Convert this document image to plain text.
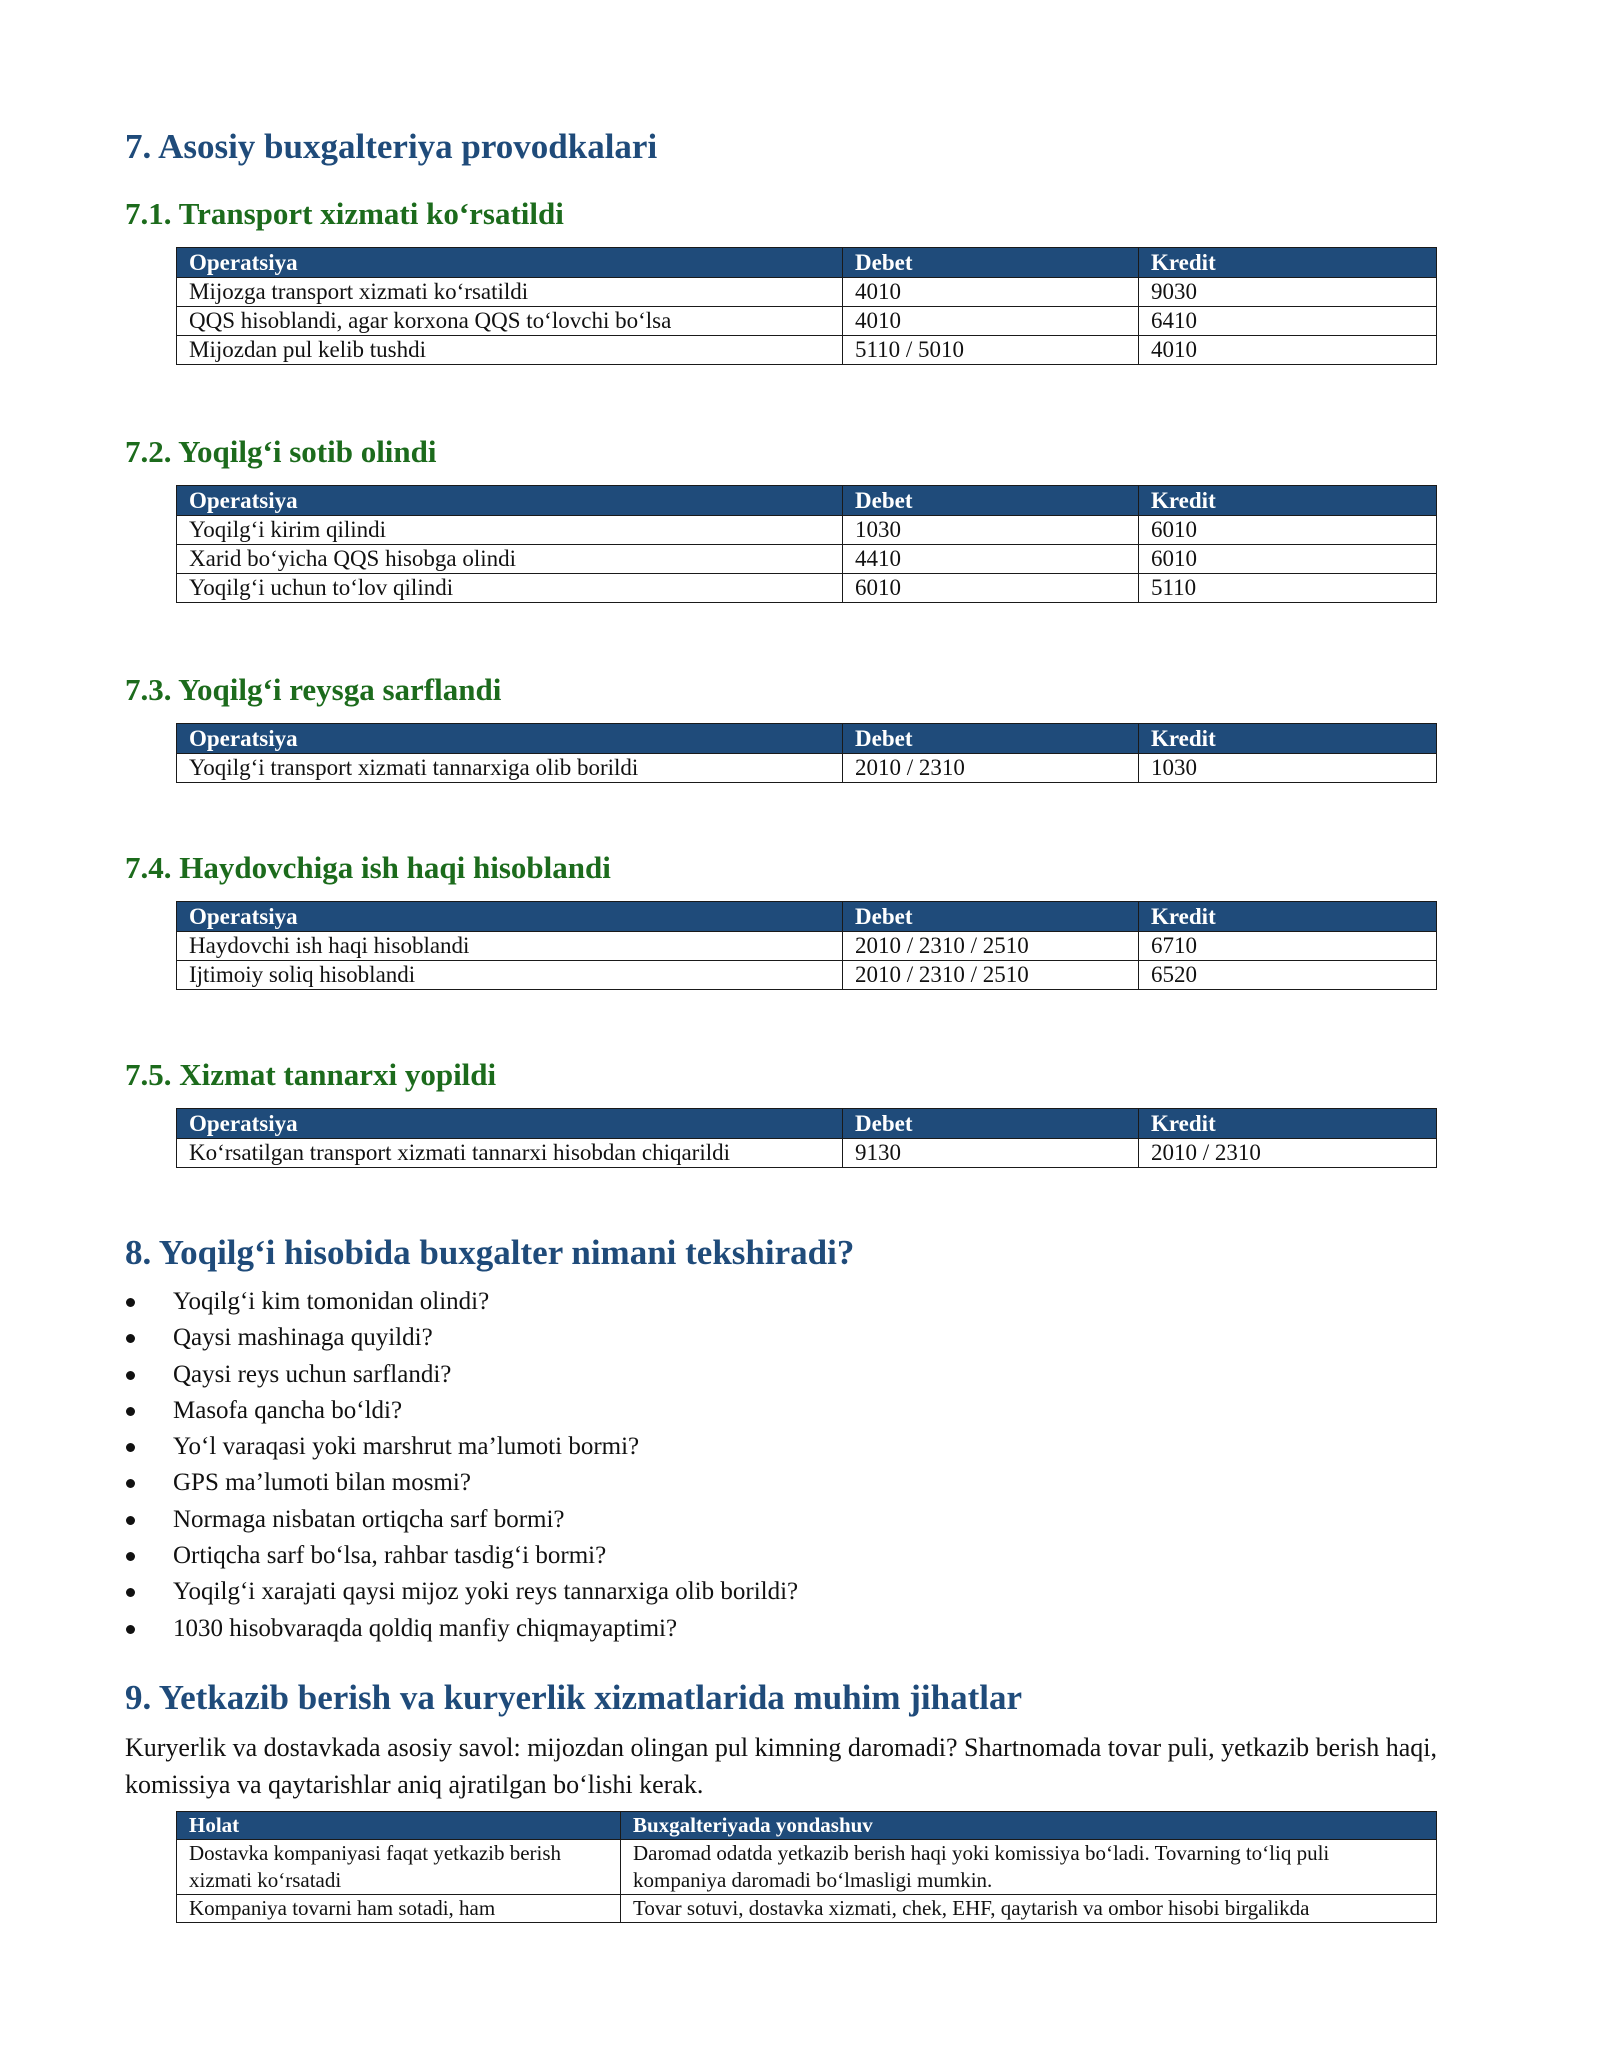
7. Asosiy buxgalteriya provodkalari
7.1. Transport xizmati ko‘rsatildi
Operatsiya	Debet	Kredit
Mijozga transport xizmati ko‘rsatildi	4010	9030
QQS hisoblandi, agar korxona QQS to‘lovchi bo‘lsa	4010	6410
Mijozdan pul kelib tushdi	5110 / 5010	4010
7.2. Yoqilg‘i sotib olindi
Operatsiya	Debet	Kredit
Yoqilg‘i kirim qilindi	1030	6010
Xarid bo‘yicha QQS hisobga olindi	4410	6010
Yoqilg‘i uchun to‘lov qilindi	6010	5110
7.3. Yoqilg‘i reysga sarflandi
Operatsiya	Debet	Kredit
Yoqilg‘i transport xizmati tannarxiga olib borildi	2010 / 2310	1030
7.4. Haydovchiga ish haqi hisoblandi
Operatsiya	Debet	Kredit
Haydovchi ish haqi hisoblandi	2010 / 2310 / 2510	6710
Ijtimoiy soliq hisoblandi	2010 / 2310 / 2510	6520
7.5. Xizmat tannarxi yopildi
Operatsiya	Debet	Kredit
Ko‘rsatilgan transport xizmati tannarxi hisobdan chiqarildi	9130	2010 / 2310
8. Yoqilg‘i hisobida buxgalter nimani tekshiradi?
Yoqilg‘i kim tomonidan olindi?
Qaysi mashinaga quyildi?
Qaysi reys uchun sarflandi?
Masofa qancha bo‘ldi?
Yo‘l varaqasi yoki marshrut ma’lumoti bormi?
GPS ma’lumoti bilan mosmi?
Normaga nisbatan ortiqcha sarf bormi?
Ortiqcha sarf bo‘lsa, rahbar tasdig‘i bormi?
Yoqilg‘i xarajati qaysi mijoz yoki reys tannarxiga olib borildi?
1030 hisobvaraqda qoldiq manfiy chiqmayaptimi?
9. Yetkazib berish va kuryerlik xizmatlarida muhim jihatlar

Kuryerlik va dostavkada asosiy savol: mijozdan olingan pul kimning daromadi? Shartnomada tovar puli, yetkazib berish haqi, komissiya va qaytarishlar aniq ajratilgan bo‘lishi kerak.

Holat	Buxgalteriyada yondashuv
Dostavka kompaniyasi faqat yetkazib berish xizmati ko‘rsatadi	Daromad odatda yetkazib berish haqi yoki komissiya bo‘ladi. Tovarning to‘liq puli kompaniya daromadi bo‘lmasligi mumkin.
Kompaniya tovarni ham sotadi, ham	Tovar sotuvi, dostavka xizmati, chek, EHF, qaytarish va ombor hisobi birgalikda
